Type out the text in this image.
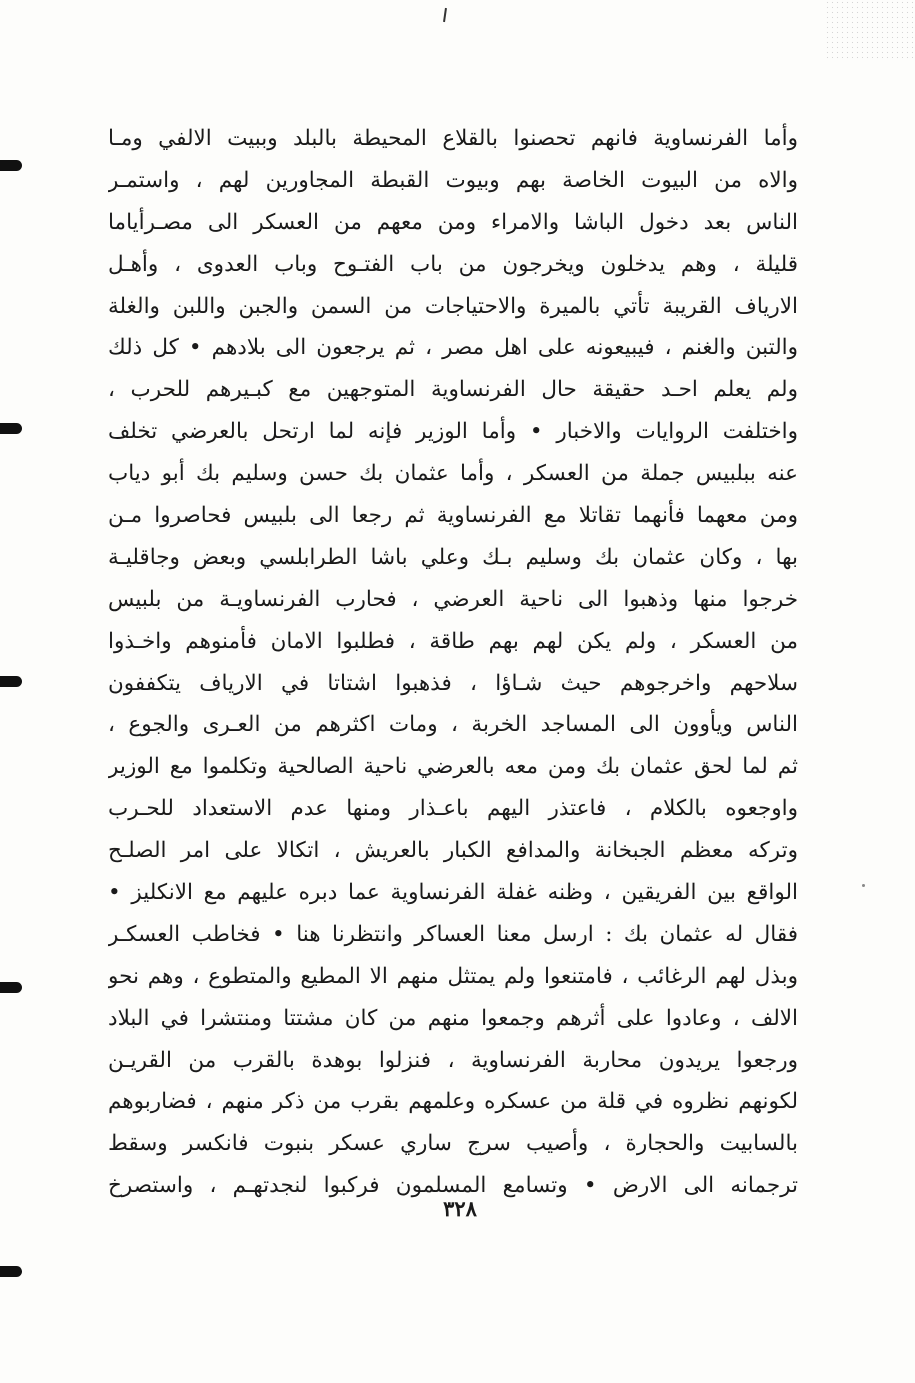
وأما الفرنساوية فانهم تحصنوا بالقلاع المحيطة بالبلد وببيت الالفي ومـا
والاه من البيوت الخاصة بهم وبيوت القبطة المجاورين لهم ، واستمـر
الناس بعد دخول الباشا والامراء ومن معهم من العسكر الى مصـرأياما
قليلة ، وهم يدخلون ويخرجون من باب الفتـوح وباب العدوى ، وأهـل
الارياف القريبة تأتي بالميرة والاحتياجات من السمن والجبن واللبن والغلة
والتبن والغنم ، فيبيعونه على اهل مصر ، ثم يرجعون الى بلادهم • كل ذلك
ولم يعلم احـد حقيقة حال الفرنساوية المتوجهين مع كبـيرهم للحرب ،
واختلفت الروايات والاخبار • وأما الوزير فإنه لما ارتحل بالعرضي تخلف
عنه ببلبيس جملة من العسكر ، وأما عثمان بك حسن وسليم بك أبو دياب
ومن معهما فأنهما تقاتلا مع الفرنساوية ثم رجعا الى بلبيس فحاصروا مـن
بها ، وكان عثمان بك وسليم بـك وعلي باشا الطرابلسي وبعض وجاقليـة
خرجوا منها وذهبوا الى ناحية العرضي ، فحارب الفرنساويـة من بلبيس
من العسكر ، ولم يكن لهم بهم طاقة ، فطلبوا الامان فأمنوهم واخـذوا
سلاحهم واخرجوهم حيث شـاؤا ، فذهبوا اشتاتا في الارياف يتكففون
الناس ويأوون الى المساجد الخربة ، ومات اكثرهم من العـرى والجوع ،
ثم لما لحق عثمان بك ومن معه بالعرضي ناحية الصالحية وتكلموا مع الوزير
واوجعوه بالكلام ، فاعتذر اليهم باعـذار ومنها عدم الاستعداد للحـرب
وتركه معظم الجبخانة والمدافع الكبار بالعريش ، اتكالا على امر الصلـح
الواقع بين الفريقين ، وظنه غفلة الفرنساوية عما دبره عليهم مع الانكليز •
فقال له عثمان بك : ارسل معنا العساكر وانتظرنا هنا • فخاطب العسكـر
وبذل لهم الرغائب ، فامتنعوا ولم يمتثل منهم الا المطيع والمتطوع ، وهم نحو
الالف ، وعادوا على أثرهم وجمعوا منهم من كان مشتتا ومنتشرا في البلاد
ورجعوا يريدون محاربة الفرنساوية ، فنزلوا بوهدة بالقرب من القريـن
لكونهم نظروه في قلة من عسكره وعلمهم بقرب من ذكر منهم ، فضاربوهم
بالسابيت والحجارة ، وأصيب سرج ساري عسكر بنبوت فانكسر وسقط
ترجمانه الى الارض • وتسامع المسلمون فركبوا لنجدتهـم ، واستصرخ
٣٢٨
